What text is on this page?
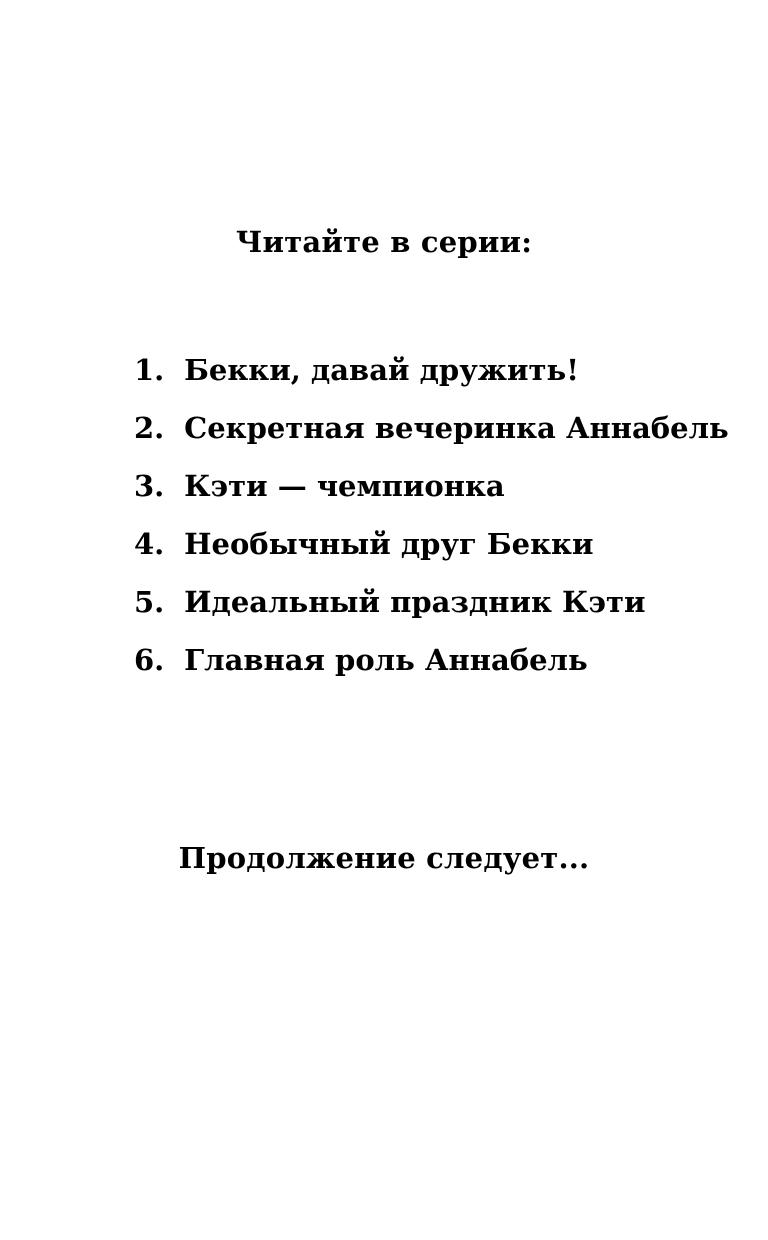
Читайте в серии:
1. Бекки, давай дружить!
2. Секретная вечеринка Аннабель
3. Кэти — чемпионка
4. Необычный друг Бекки
5. Идеальный праздник Кэти
6. Главная роль Аннабель
Продолжение следует...
